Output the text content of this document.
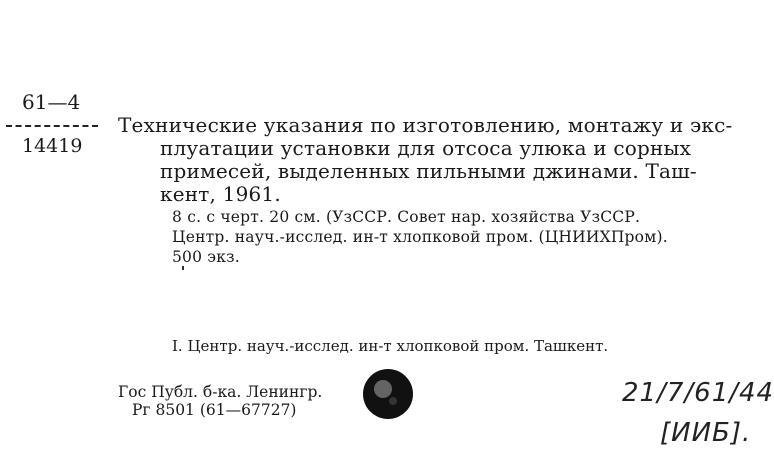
61—4
14419
Технические указания по изготовлению, монтажу и экс-
плуатации установки для отсоса улюка и сорных
примесей, выделенных пильными джинами. Таш-
кент, 1961.
8 с. с черт. 20 см. (УзССР. Совет нар. хозяйства УзССР.
Центр. науч.-исслед. ин-т хлопковой пром. (ЦНИИХПром).
500 экз.
I. Центр. науч.-исслед. ин-т хлопковой пром. Ташкент.
Гос Публ. б-ка. Ленингр.
Рг 8501 (61—67727)
21/7/61/44
[ИИБ].
